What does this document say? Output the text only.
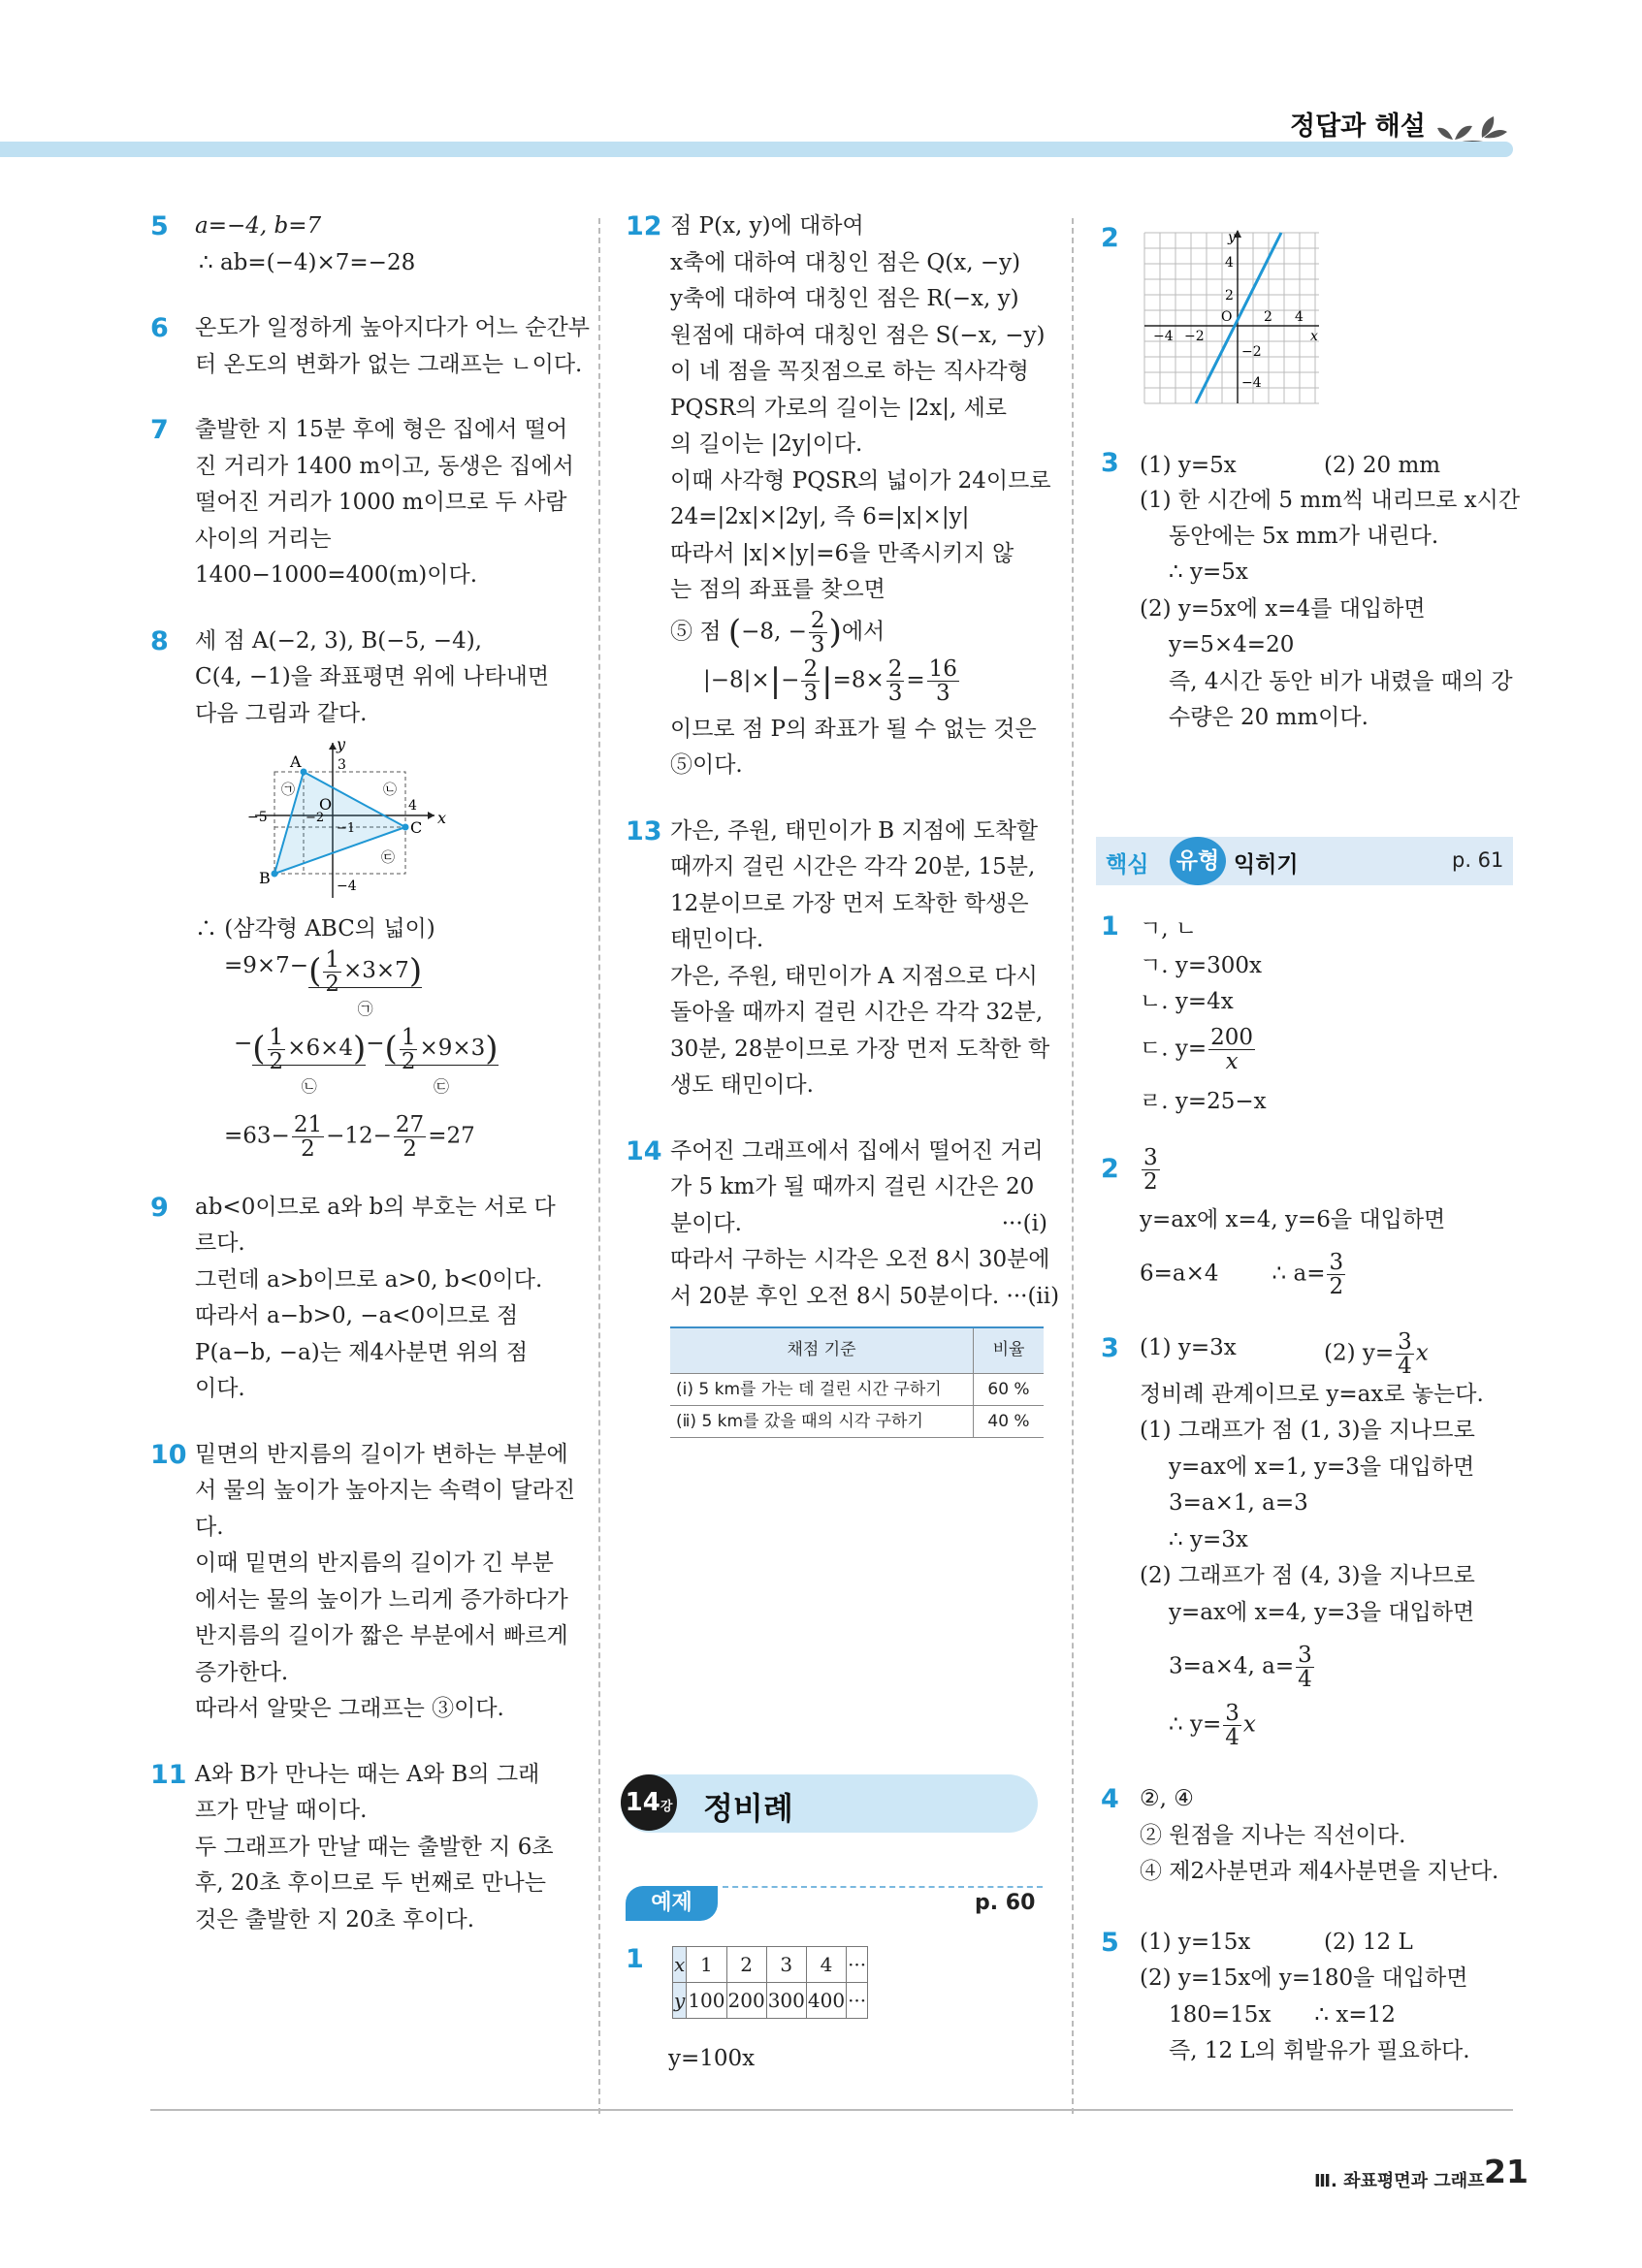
정답과 해설
5 a=−4, b=7
∴ ab=(−4)×7=−28
6 온도가 일정하게 높아지다가 어느 순간부
터 온도의 변화가 없는 그래프는 ㄴ이다.
7 출발한 지 15분 후에 형은 집에서 떨어
진 거리가 1400 m이고, 동생은 집에서
떨어진 거리가 1000 m이므로 두 사람
사이의 거리는
1400−1000=400(m)이다.
8 세 점 A(−2, 3), B(−5, −4),
C(4, −1)을 좌표평면 위에 나타내면
다음 그림과 같다.
y
x
A
B
C
O
3
4
−5	−2
−1
−4
㉠	㉡
㉢
∴ (삼각형 ABC의 넓이)
$=9\times 7-( \frac{1}{2} \times 3\times 7)$
㉠
−( $\frac{1}{2} \times 6\times 4$)
㉡
−( $\frac{1}{2} \times 9\times 3$)
㉢
$=63- \frac{21}{2} -12- \frac{27}{2} =27$
9 ab<0이므로 a와 b의 부호는 서로 다
르다.
그런데 a>b이므로 a>0, b<0이다.
따라서 a−b>0, −a<0이므로 점
P(a−b, −a)는 제4사분면 위의 점
이다.
10 밑면의 반지름의 길이가 변하는 부분에
서 물의 높이가 높아지는 속력이 달라진
다.
이때 밑면의 반지름의 길이가 긴 부분
에서는 물의 높이가 느리게 증가하다가
반지름의 길이가 짧은 부분에서 빠르게
증가한다.
따라서 알맞은 그래프는 ③이다.
11 A와 B가 만나는 때는 A와 B의 그래
프가 만날 때이다.
두 그래프가 만날 때는 출발한 지 6초
후, 20초 후이므로 두 번째로 만나는
것은 출발한 지 20초 후이다.
12 점 P(x, y)에 대하여
x축에 대하여 대칭인 점은 Q(x, −y)
y축에 대하여 대칭인 점은 R(−x, y)
원점에 대하여 대칭인 점은 S(−x, −y)
이 네 점을 꼭짓점으로 하는 직사각형
PQSR의 가로의 길이는 |2x|, 세로
의 길이는 |2y|이다.
이때 사각형 PQSR의 넓이가 24이므로
24=|2x|×|2y|, 즉 6=|x|×|y|
따라서 |x|×|y|=6을 만족시키지 않
는 점의 좌표를 찾으면
⑤ 점 (−8, − $\frac{2}{3}$ )에서
$|-8|\times|- \frac{2}{3} |=8\times \frac{2}{3} = \frac{16}{3}$
이므로 점 P의 좌표가 될 수 없는 것은
⑤이다.
13 가은, 주원, 태민이가 B 지점에 도착할
때까지 걸린 시간은 각각 20분, 15분,
12분이므로 가장 먼저 도착한 학생은
태민이다.
가은, 주원, 태민이가 A 지점으로 다시
돌아올 때까지 걸린 시간은 각각 32분,
30분, 28분이므로 가장 먼저 도착한 학
생도 태민이다.
14 주어진 그래프에서 집에서 떨어진 거리
가 5 km가 될 때까지 걸린 시간은 20
분이다.	···(ⅰ)
따라서 구하는 시각은 오전 8시 30분에
서 20분 후인 오전 8시 50분이다. ···(ⅱ)
채점 기준	비율
(ⅰ) 5 km를 가는 데 걸린 시간 구하기	60 %
(ⅱ) 5 km를 갔을 때의 시각 구하기	40 %
14강 정비례
예제	p. 60
1 x	1	2	3	4	···
y	100	200	300	400	···
y=100x
2	y
x
O
4
2
−2
−4
2 4
−4 −2
3 (1) y=5x	(2) 20 mm
(1) 한 시간에 5 mm씩 내리므로 x시간
동안에는 5x mm가 내린다.
∴ y=5x
(2) y=5x에 x=4를 대입하면
y=5×4=20
즉, 4시간 동안 비가 내렸을 때의 강
수량은 20 mm이다.
핵심 유형 익히기	p. 61
1 ㄱ, ㄴ
ㄱ. y=300x
ㄴ. y=4x
ㄷ. $y= \frac{200}{x}$
ㄹ. y=25−x
$2 \frac{3}{2}$
y=ax에 x=4, y=6을 대입하면
6=a×4 ∴ $a= \frac{3}{2}$
3 (1) y=3x	(2) $y= \frac{3}{4}$ x
정비례 관계이므로 y=ax로 놓는다.
(1) 그래프가 점 (1, 3)을 지나므로
y=ax에 x=1, y=3을 대입하면
3=a×1, a=3
∴ y=3x
(2) 그래프가 점 (4, 3)을 지나므로
y=ax에 x=4, y=3을 대입하면
3=a×4, $a= \frac{3}{4}$
∴ $y= \frac{3}{4}$ x
4 ②, ④
② 원점을 지나는 직선이다.
④ 제2사분면과 제4사분면을 지난다.
5 (1) y=15x	(2) 12 L
(2) y=15x에 y=180을 대입하면
180=15x ∴ x=12
즉, 12 L의 휘발유가 필요하다.
Ⅲ. 좌표평면과 그래프 21
